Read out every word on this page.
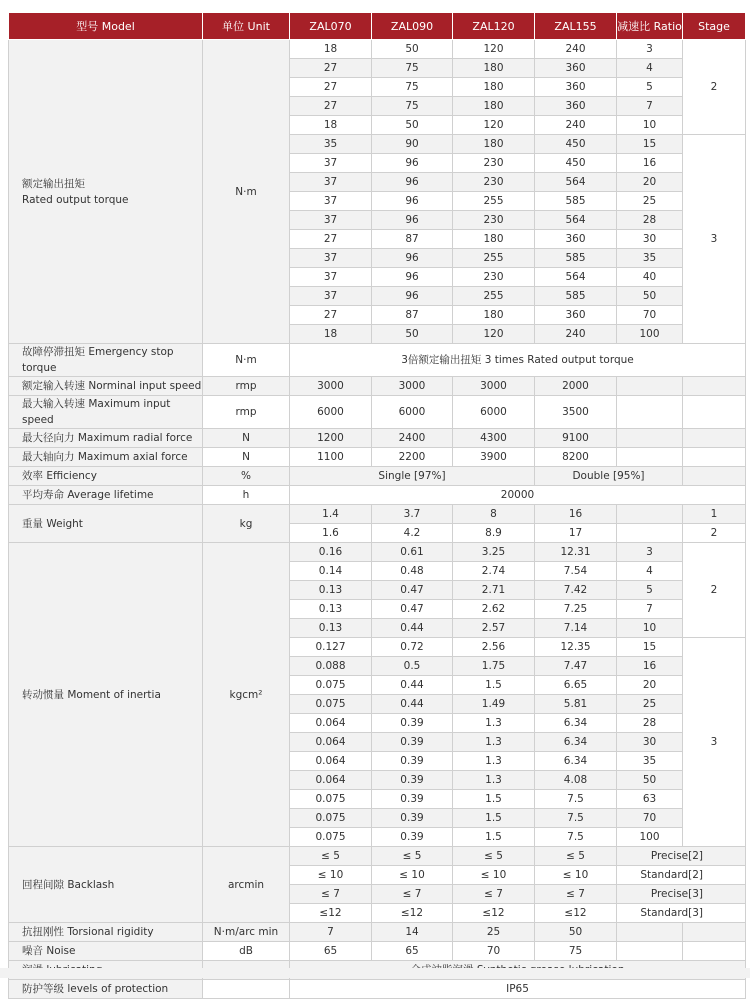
型号 Model	单位 Unit	ZAL070	ZAL090	ZAL120	ZAL155	减速比 Ratio	Stage

额定输出扭矩
Rated output torque	N·m	18	50	120	240	3	2
		27	75	180	360	4	
		27	75	180	360	5	
		27	75	180	360	7	
		18	50	120	240	10	
		35	90	180	450	15	3
		37	96	230	450	16	
		37	96	230	564	20	
		37	96	255	585	25	
		37	96	230	564	28	
		27	87	180	360	30	
		37	96	255	585	35	
		37	96	230	564	40	
		37	96	255	585	50	
		27	87	180	360	70	
		18	50	120	240	100	
故障停滞扭矩 Emergency stop torque	N·m	3倍额定输出扭矩 3 times Rated output torque					
额定输入转速 Norminal input speed	rmp	3000	3000	3000	2000		
最大输入转速 Maximum input speed	rmp	6000	6000	6000	3500		
最大径向力 Maximum radial force	N	1200	2400	4300	9100		
最大轴向力 Maximum axial force	N	1100	2200	3900	8200		
效率 Efficiency	%	Single [97%]			Double [95%]		
平均寿命 Average lifetime	h	20000					
重量 Weight	kg	1.4	3.7	8	16		1
		1.6	4.2	8.9	17		2
转动惯量 Moment of inertia	kgcm²	0.16	0.61	3.25	12.31	3	2
		0.14	0.48	2.74	7.54	4	
		0.13	0.47	2.71	7.42	5	
		0.13	0.47	2.62	7.25	7	
		0.13	0.44	2.57	7.14	10	
		0.127	0.72	2.56	12.35	15	3
		0.088	0.5	1.75	7.47	16	
		0.075	0.44	1.5	6.65	20	
		0.075	0.44	1.49	5.81	25	
		0.064	0.39	1.3	6.34	28	
		0.064	0.39	1.3	6.34	30	
		0.064	0.39	1.3	6.34	35	
		0.064	0.39	1.3	4.08	50	
		0.075	0.39	1.5	7.5	63	
		0.075	0.39	1.5	7.5	70	
		0.075	0.39	1.5	7.5	100	
回程间隙 Backlash	arcmin	≤ 5	≤ 5	≤ 5	≤ 5	Precise[2]	
		≤ 10	≤ 10	≤ 10	≤ 10	Standard[2]	
		≤ 7	≤ 7	≤ 7	≤ 7	Precise[3]	
		≤12	≤12	≤12	≤12	Standard[3]	
抗扭刚性 Torsional rigidity	N·m/arc min	7	14	25	50		
噪音 Noise	dB	65	65	70	75		

防护等级 levels of protection		IP65					
